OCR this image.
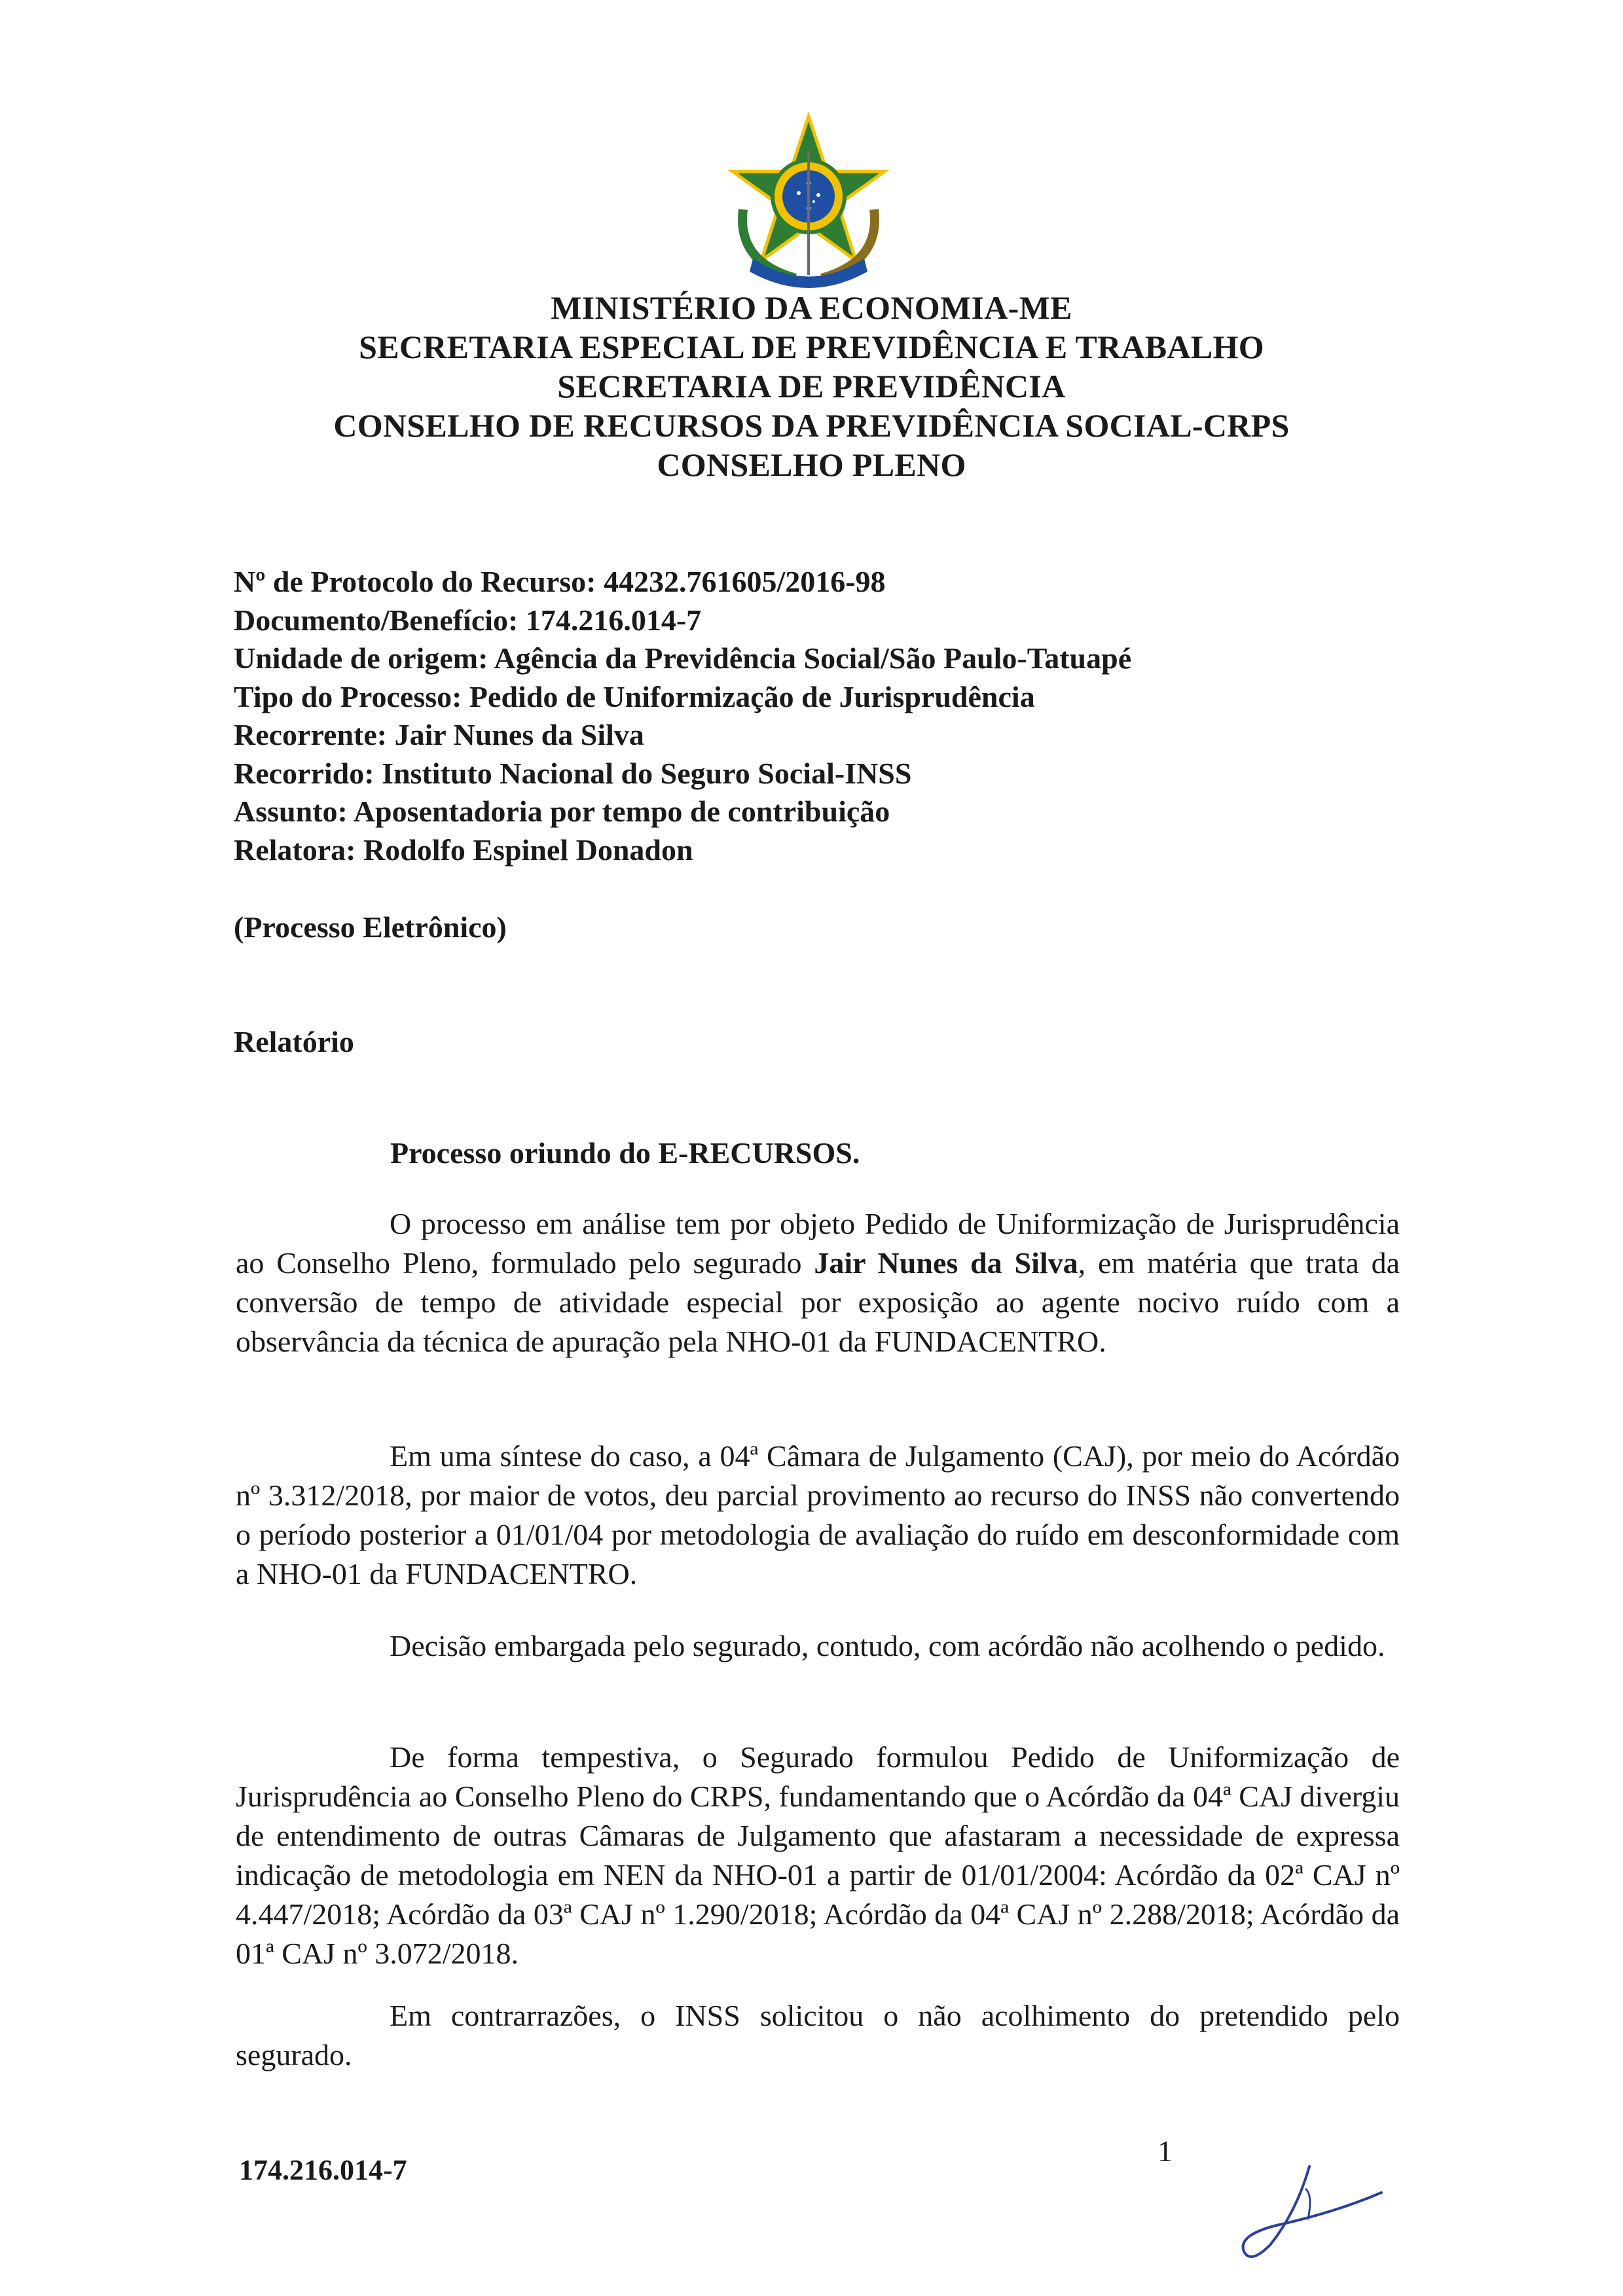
MINISTÉRIO DA ECONOMIA-ME
SECRETARIA ESPECIAL DE PREVIDÊNCIA E TRABALHO
SECRETARIA DE PREVIDÊNCIA
CONSELHO DE RECURSOS DA PREVIDÊNCIA SOCIAL-CRPS
CONSELHO PLENO
Nº de Protocolo do Recurso: 44232.761605/2016-98
Documento/Benefício: 174.216.014-7
Unidade de origem: Agência da Previdência Social/São Paulo-Tatuapé
Tipo do Processo: Pedido de Uniformização de Jurisprudência
Recorrente: Jair Nunes da Silva
Recorrido: Instituto Nacional do Seguro Social-INSS
Assunto: Aposentadoria por tempo de contribuição
Relatora: Rodolfo Espinel Donadon
(Processo Eletrônico)
Relatório
Processo oriundo do E-RECURSOS.
O processo em análise tem por objeto Pedido de Uniformização de Jurisprudência ao Conselho Pleno, formulado pelo segurado Jair Nunes da Silva, em matéria que trata da conversão de tempo de atividade especial por exposição ao agente nocivo ruído com a observância da técnica de apuração pela NHO-01 da FUNDACENTRO.
Em uma síntese do caso, a 04ª Câmara de Julgamento (CAJ), por meio do Acórdão nº 3.312/2018, por maior de votos, deu parcial provimento ao recurso do INSS não convertendo o período posterior a 01/01/04 por metodologia de avaliação do ruído em desconformidade com a NHO-01 da FUNDACENTRO.
Decisão embargada pelo segurado, contudo, com acórdão não acolhendo o pedido.
De forma tempestiva, o Segurado formulou Pedido de Uniformização de Jurisprudência ao Conselho Pleno do CRPS, fundamentando que o Acórdão da 04ª CAJ divergiu de entendimento de outras Câmaras de Julgamento que afastaram a necessidade de expressa indicação de metodologia em NEN da NHO-01 a partir de 01/01/2004: Acórdão da 02ª CAJ nº 4.447/2018; Acórdão da 03ª CAJ nº 1.290/2018; Acórdão da 04ª CAJ nº 2.288/2018; Acórdão da 01ª CAJ nº 3.072/2018.
Em contrarrazões, o INSS solicitou o não acolhimento do pretendido pelo segurado.
174.216.014-7
1
